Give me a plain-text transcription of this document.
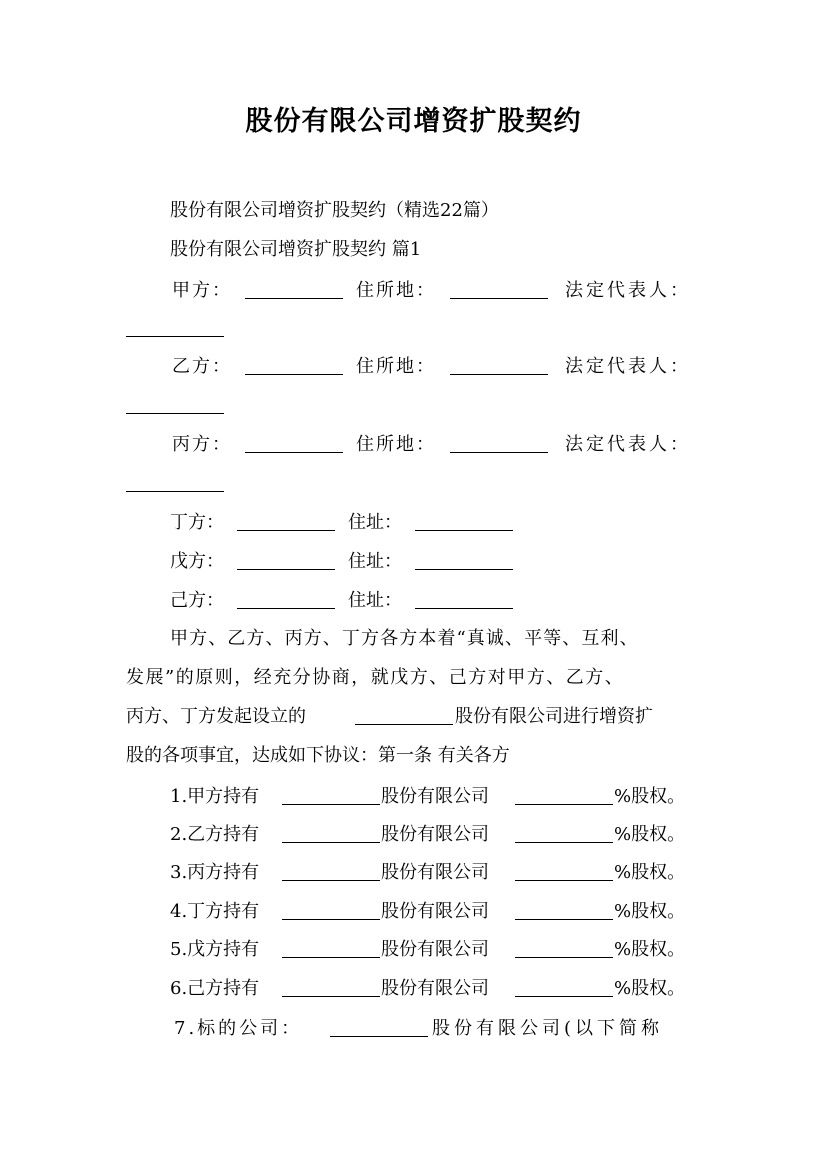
股份有限公司增资扩股契约
股份有限公司增资扩股契约（精选22篇）
股份有限公司增资扩股契约 篇1
甲方：	住所地：	法定代表人：
乙方：	住所地：	法定代表人：
丙方：	住所地：	法定代表人：
丁方：	住址：
戊方：	住址：
己方：	住址：
甲方、乙方、丙方、丁方各方本着“真诚、平等、互利、
发展”的原则，经充分协商，就戊方、己方对甲方、乙方、
丙方、丁方发起设立的	股份有限公司进行增资扩
股的各项事宜，达成如下协议：第一条 有关各方
1.甲方持有	股份有限公司	%股权。
2.乙方持有	股份有限公司	%股权。
3.丙方持有	股份有限公司	%股权。
4.丁方持有	股份有限公司	%股权。
5.戊方持有	股份有限公司	%股权。
6.己方持有	股份有限公司	%股权。
7.标的公司：	股份有限公司(以下简称
